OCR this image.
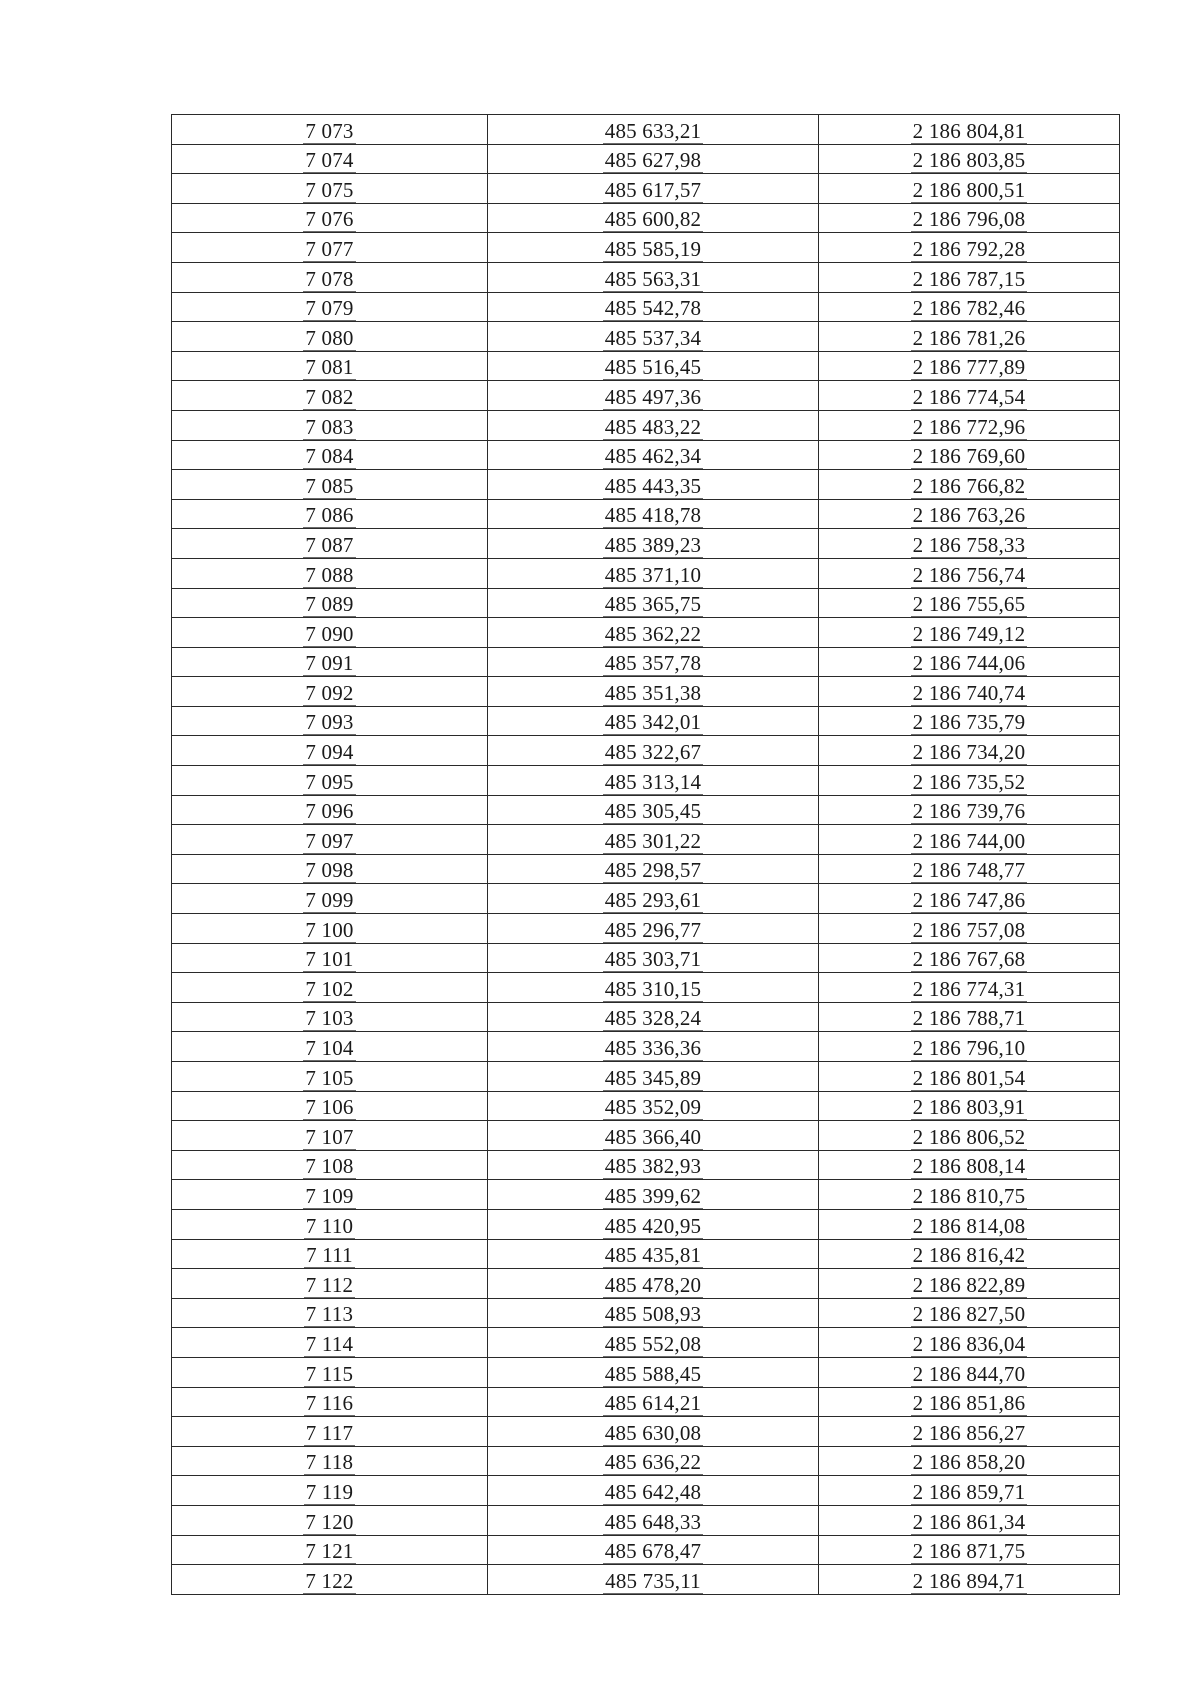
7 073	485 633,21	2 186 804,81
7 074	485 627,98	2 186 803,85
7 075	485 617,57	2 186 800,51
7 076	485 600,82	2 186 796,08
7 077	485 585,19	2 186 792,28
7 078	485 563,31	2 186 787,15
7 079	485 542,78	2 186 782,46
7 080	485 537,34	2 186 781,26
7 081	485 516,45	2 186 777,89
7 082	485 497,36	2 186 774,54
7 083	485 483,22	2 186 772,96
7 084	485 462,34	2 186 769,60
7 085	485 443,35	2 186 766,82
7 086	485 418,78	2 186 763,26
7 087	485 389,23	2 186 758,33
7 088	485 371,10	2 186 756,74
7 089	485 365,75	2 186 755,65
7 090	485 362,22	2 186 749,12
7 091	485 357,78	2 186 744,06
7 092	485 351,38	2 186 740,74
7 093	485 342,01	2 186 735,79
7 094	485 322,67	2 186 734,20
7 095	485 313,14	2 186 735,52
7 096	485 305,45	2 186 739,76
7 097	485 301,22	2 186 744,00
7 098	485 298,57	2 186 748,77
7 099	485 293,61	2 186 747,86
7 100	485 296,77	2 186 757,08
7 101	485 303,71	2 186 767,68
7 102	485 310,15	2 186 774,31
7 103	485 328,24	2 186 788,71
7 104	485 336,36	2 186 796,10
7 105	485 345,89	2 186 801,54
7 106	485 352,09	2 186 803,91
7 107	485 366,40	2 186 806,52
7 108	485 382,93	2 186 808,14
7 109	485 399,62	2 186 810,75
7 110	485 420,95	2 186 814,08
7 111	485 435,81	2 186 816,42
7 112	485 478,20	2 186 822,89
7 113	485 508,93	2 186 827,50
7 114	485 552,08	2 186 836,04
7 115	485 588,45	2 186 844,70
7 116	485 614,21	2 186 851,86
7 117	485 630,08	2 186 856,27
7 118	485 636,22	2 186 858,20
7 119	485 642,48	2 186 859,71
7 120	485 648,33	2 186 861,34
7 121	485 678,47	2 186 871,75
7 122	485 735,11	2 186 894,71
